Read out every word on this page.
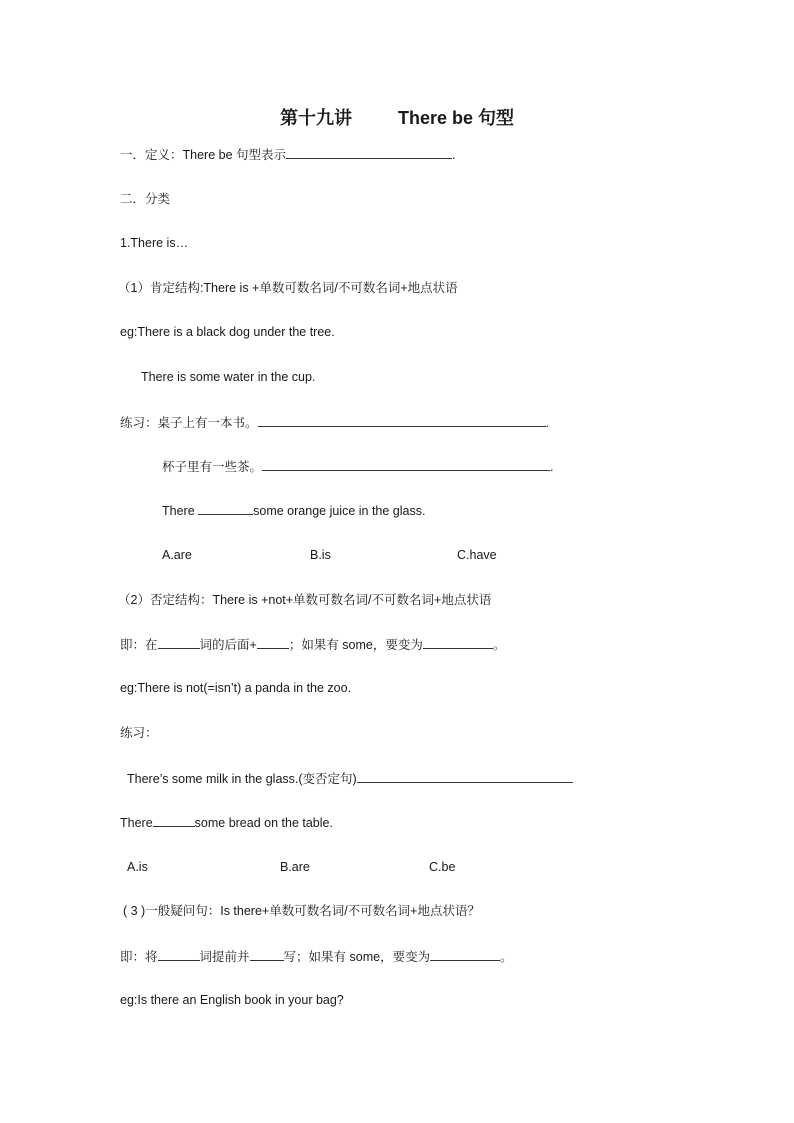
第十九讲	There be 句型
一．定义：There be 句型表示	.
二．分类
1.There is…
（1）肯定结构:There is +单数可数名词/不可数名词+地点状语
eg:There is a black dog under the tree.
There is some water in the cup.
练习：桌子上有一本书。	.
杯子里有一些茶。	.
There	some orange juice in the glass.
A.are	B.is	C.have
（2）否定结构：There is +not+单数可数名词/不可数名词+地点状语
即：在	词的后面+	；如果有 some，要变为	。
eg:There is not(=isn’t) a panda in the zoo.
练习：
There’s some milk in the glass.(变否定句)
There	some bread on the table.
A.is	B.are	C.be
( 3 )一般疑问句：Is there+单数可数名词/不可数名词+地点状语？
即：将	词提前并	写；如果有 some，要变为	。
eg:Is there an English book in your bag?
